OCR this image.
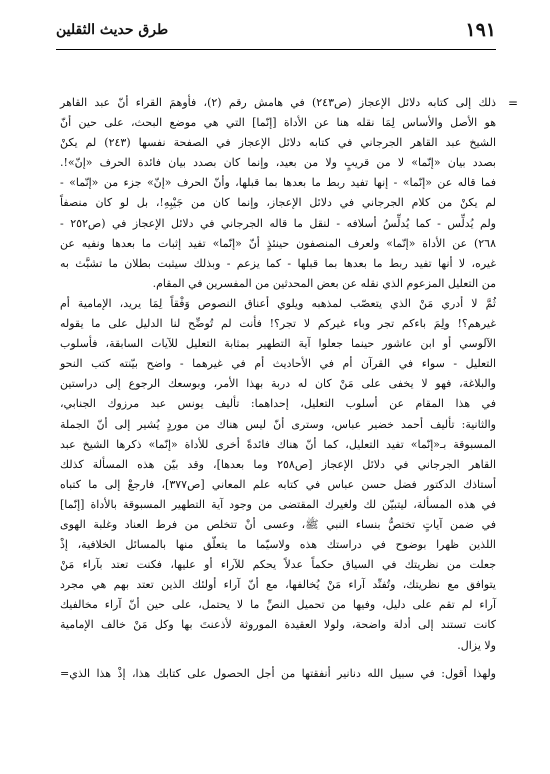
١٩١
طرق حديث الثقلين
=
ذلك إلى كتابه دلائل الإعجاز (ص٢٤٣) في هامش رقم (٢)، فأوهمَ القراء أنّ عبد القاهر
هو الأصل والأساس لِمَا نقله هنا عن الأداة [إنّما] التي هي موضع البحث، على حين أنّ
الشيخ عبد القاهر الجرجاني في كتابه دلائل الإعجاز في الصفحة نفسها (٢٤٣) لم يكنْ
بصدد بيان «إنّما» لا من قريبٍ ولا من بعيد، وإنما كان بصدد بيان فائدة الحرف «إنّ»!.
فما قاله عن «إنّما» - إنها تفيد ربط ما بعدها بما قبلها، وأنّ الحرف «إنّ» جزء من «إنّما» -
لم يكنْ من كلام الجرجاني في دلائل الإعجاز، وإنما كان من جَيْبِهِ!، بل لو كان منصفاً
ولم يُدلِّس - كما يُدلِّسُ أسلافه - لنقل ما قاله الجرجاني في دلائل الإعجاز في (ص٢٥٢ -
٢٦٨) عن الأداة «إنّما» ولعرف المنصفون حينئذٍ أنّ «إنّما» تفيد إثبات ما بعدها ونفيه عن
غيره، لا أنها تفيد ربط ما بعدها بما قبلها - كما يزعم - وبذلك سيثبت بطلان ما تشبَّث به
من التعليل المزعوم الذي نقله عن بعض المحدثين من المفسرين في المقام.
ثُمَّ لا أدري مَنْ الذي يتعصّب لمذهبه ويلوي أعناق النصوص وَفْقاً لِمَا يريد، الإمامية أم
غيرهم؟! ولِمَ باءكم تجر وباء غيركم لا تجر؟! فأنت لم تُوضِّح لنا الدليل على ما يقوله
الآلوسي أو ابن عاشور حينما جعلوا آية التطهير بمثابة التعليل للآيات السابقة، فأسلوب
التعليل - سواء في القرآن أم في الأحاديث أم في غيرهما - واضح بيّنته كتب النحو
والبلاغة، فهو لا يخفى على مَنْ كان له دربة بهذا الأمر، وبوسعك الرجوع إلى دراستين
في هذا المقام عن أسلوب التعليل، إحداهما: تأليف يونس عبد مرزوك الجنابي،
والثانية: تأليف أحمد خضير عباس، وسترى أنّ ليس هناك من موردٍ يُشير إلى أنّ الجملة
المسبوقة بـ«إنّما» تفيد التعليل، كما أنّ هناك فائدةً أخرى للأداة «إنّما» ذكرها الشيخ عبد
القاهر الجرجاني في دلائل الإعجاز [ص٢٥٨ وما بعدها]، وقد بيّن هذه المسألة كذلك
أستاذك الدكتور فضل حسن عباس في كتابه علم المعاني [ص٣٧٧]، فارجعْ إلى ما كتباه
في هذه المسألة، ليتبيّن لك ولغيرك المقتضى من وجود آية التطهير المسبوقة بالأداة [إنّما]
في ضمن آياتٍ تختصُّ بنساء النبي ﷺ، وعسى أنْ تتخلص من فرط العناد وغلبة الهوى
اللذين ظهرا بوضوح في دراستك هذه ولاسيّما ما يتعلّق منها بالمسائل الخلافية، إذْ
جعلت من نظريتك في السياق حكماً عدلاً يحكم للآراء أو عليها، فكنت تعتد بآراء مَنْ
يتوافق مع نظريتك، وتُفنِّد آراء مَنْ يُخالفها، مع أنّ آراء أولئك الذين تعتد بهم هي مجرد
آراء لم تقم على دليل، وفيها من تحميل النصِّ ما لا يحتمل، على حين أنّ آراء مخالفيك
كانت تستند إلى أدلة واضحة، ولولا العقيدة الموروثة لأذعنتَ بها وكل مَنْ خالف الإمامية
ولا يزال.
ولهذا أقول: في سبيل الله دنانير أنفقتها من أجل الحصول على كتابك هذا، إذْ هذا الذي=
